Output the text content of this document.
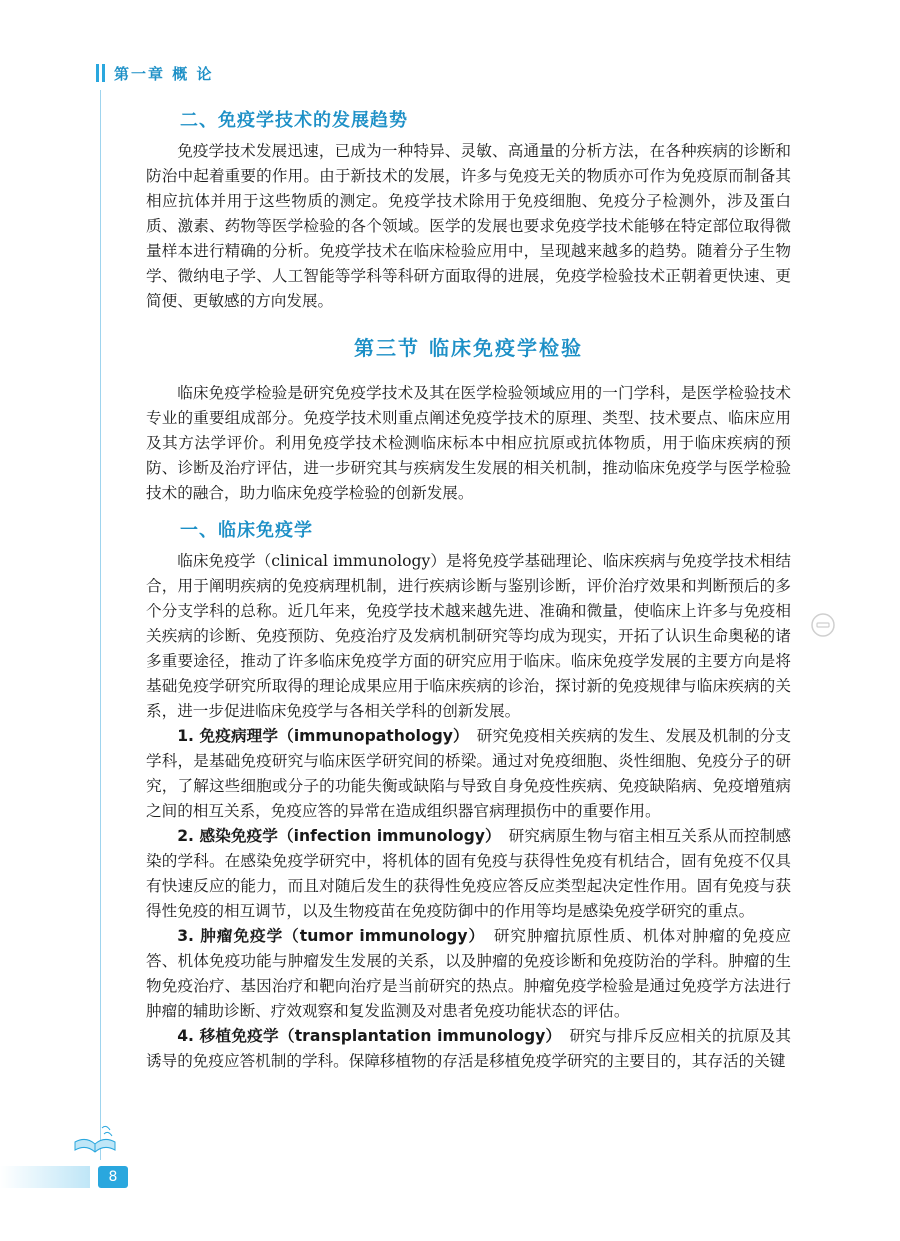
第一章 概 论
二、免疫学技术的发展趋势

免疫学技术发展迅速，已成为一种特异、灵敏、高通量的分析方法，在各种疾病的诊断和防治中起着重要的作用。由于新技术的发展，许多与免疫无关的物质亦可作为免疫原而制备其相应抗体并用于这些物质的测定。免疫学技术除用于免疫细胞、免疫分子检测外，涉及蛋白质、激素、药物等医学检验的各个领域。医学的发展也要求免疫学技术能够在特定部位取得微量样本进行精确的分析。免疫学技术在临床检验应用中，呈现越来越多的趋势。随着分子生物学、微纳电子学、人工智能等学科等科研方面取得的进展，免疫学检验技术正朝着更快速、更简便、更敏感的方向发展。

第三节 临床免疫学检验

临床免疫学检验是研究免疫学技术及其在医学检验领域应用的一门学科，是医学检验技术专业的重要组成部分。免疫学技术则重点阐述免疫学技术的原理、类型、技术要点、临床应用及其方法学评价。利用免疫学技术检测临床标本中相应抗原或抗体物质，用于临床疾病的预防、诊断及治疗评估，进一步研究其与疾病发生发展的相关机制，推动临床免疫学与医学检验技术的融合，助力临床免疫学检验的创新发展。

一、临床免疫学

临床免疫学（clinical immunology）是将免疫学基础理论、临床疾病与免疫学技术相结合，用于阐明疾病的免疫病理机制，进行疾病诊断与鉴别诊断，评价治疗效果和判断预后的多个分支学科的总称。近几年来，免疫学技术越来越先进、准确和微量，使临床上许多与免疫相关疾病的诊断、免疫预防、免疫治疗及发病机制研究等均成为现实，开拓了认识生命奥秘的诸多重要途径，推动了许多临床免疫学方面的研究应用于临床。临床免疫学发展的主要方向是将基础免疫学研究所取得的理论成果应用于临床疾病的诊治，探讨新的免疫规律与临床疾病的关系，进一步促进临床免疫学与各相关学科的创新发展。

1. 免疫病理学（immunopathology）　 研究免疫相关疾病的发生、发展及机制的分支学科，是基础免疫研究与临床医学研究间的桥梁。通过对免疫细胞、炎性细胞、免疫分子的研究，了解这些细胞或分子的功能失衡或缺陷与导致自身免疫性疾病、免疫缺陷病、免疫增殖病之间的相互关系，免疫应答的异常在造成组织器官病理损伤中的重要作用。

2. 感染免疫学（infection immunology）　 研究病原生物与宿主相互关系从而控制感染的学科。在感染免疫学研究中，将机体的固有免疫与获得性免疫有机结合，固有免疫不仅具有快速反应的能力，而且对随后发生的获得性免疫应答反应类型起决定性作用。固有免疫与获得性免疫的相互调节，以及生物疫苗在免疫防御中的作用等均是感染免疫学研究的重点。

3. 肿瘤免疫学（tumor immunology）　 研究肿瘤抗原性质、机体对肿瘤的免疫应答、机体免疫功能与肿瘤发生发展的关系，以及肿瘤的免疫诊断和免疫防治的学科。肿瘤的生物免疫治疗、基因治疗和靶向治疗是当前研究的热点。肿瘤免疫学检验是通过免疫学方法进行肿瘤的辅助诊断、疗效观察和复发监测及对患者免疫功能状态的评估。

4. 移植免疫学（transplantation immunology）　 研究与排斥反应相关的抗原及其诱导的免疫应答机制的学科。保障移植物的存活是移植免疫学研究的主要目的，其存活的关键

8
